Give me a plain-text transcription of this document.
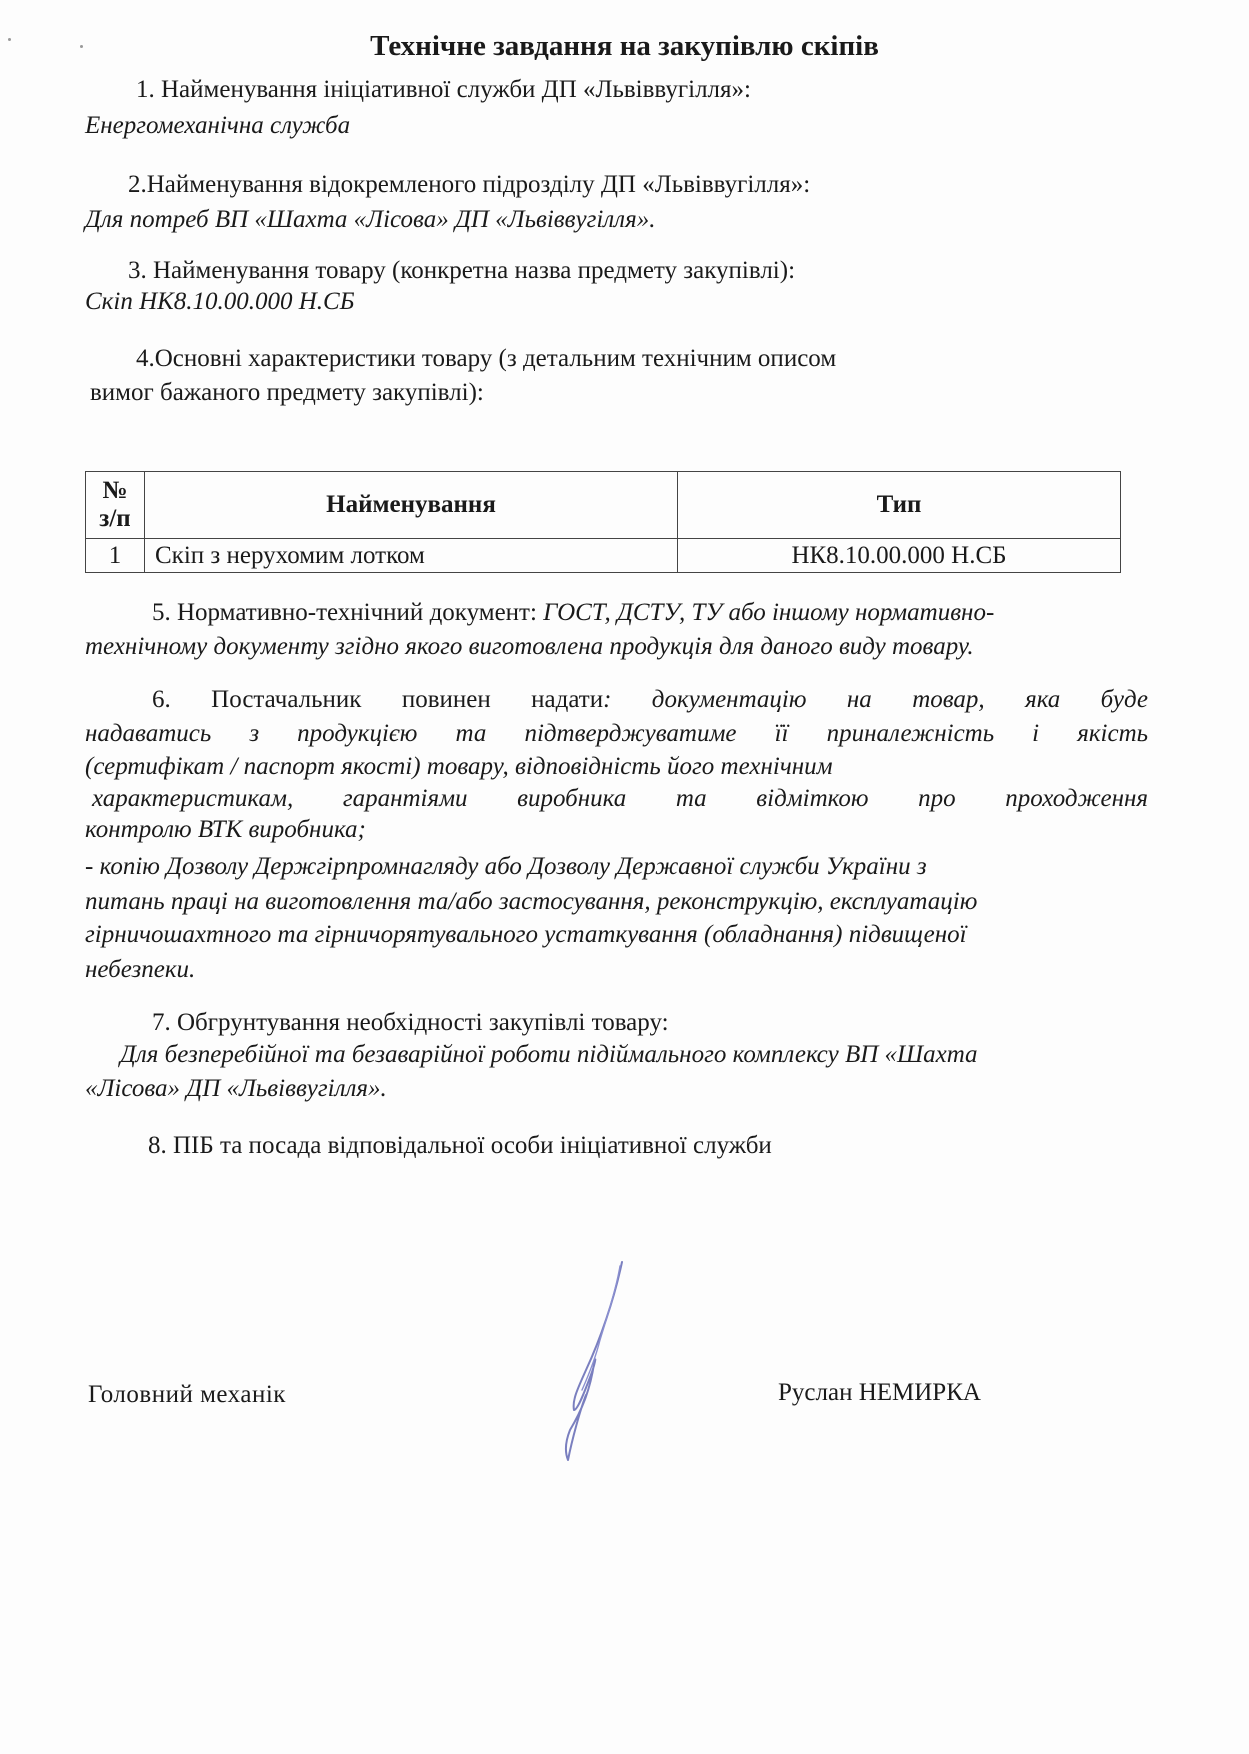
Технічне завдання на закупівлю скіпів
1. Найменування ініціативної служби ДП «Львіввугілля»:
Енергомеханічна служба
2.Найменування відокремленого підрозділу ДП «Львіввугілля»:
Для потреб ВП «Шахта «Лісова» ДП «Львіввугілля».
3. Найменування товару (конкретна назва предмету закупівлі):
Скіп НК8.10.00.000 Н.СБ
4.Основні характеристики товару (з детальним технічним описом
вимог бажаного предмету закупівлі):
№ з/п	Найменування	Тип
1	Скіп з нерухомим лотком	НК8.10.00.000 Н.СБ
5. Нормативно-технічний документ: ГОСТ, ДСТУ, ТУ або іншому нормативно-
технічному документу згідно якого виготовлена продукція для даного виду товару.
6. Постачальник повинен надати: документацію на товар, яка буде
надаватись з продукцією та підтверджуватиме її приналежність і якість
(сертифікат / паспорт якості) товару, відповідність його технічним
характеристикам, гарантіями виробника та відміткою про проходження
контролю ВТК виробника;
- копію Дозволу Держгірпромнагляду або Дозволу Державної служби України з
питань праці на виготовлення та/або застосування, реконструкцію, експлуатацію
гірничошахтного та гірничорятувального устаткування (обладнання) підвищеної
небезпеки.
7. Обгрунтування необхідності закупівлі товару:
Для безперебійної та безаварійної роботи підіймального комплексу ВП «Шахта
«Лісова» ДП «Львіввугілля».
8. ПІБ та посада відповідальної особи ініціативної служби
Головний механік	Руслан НЕМИРКА
